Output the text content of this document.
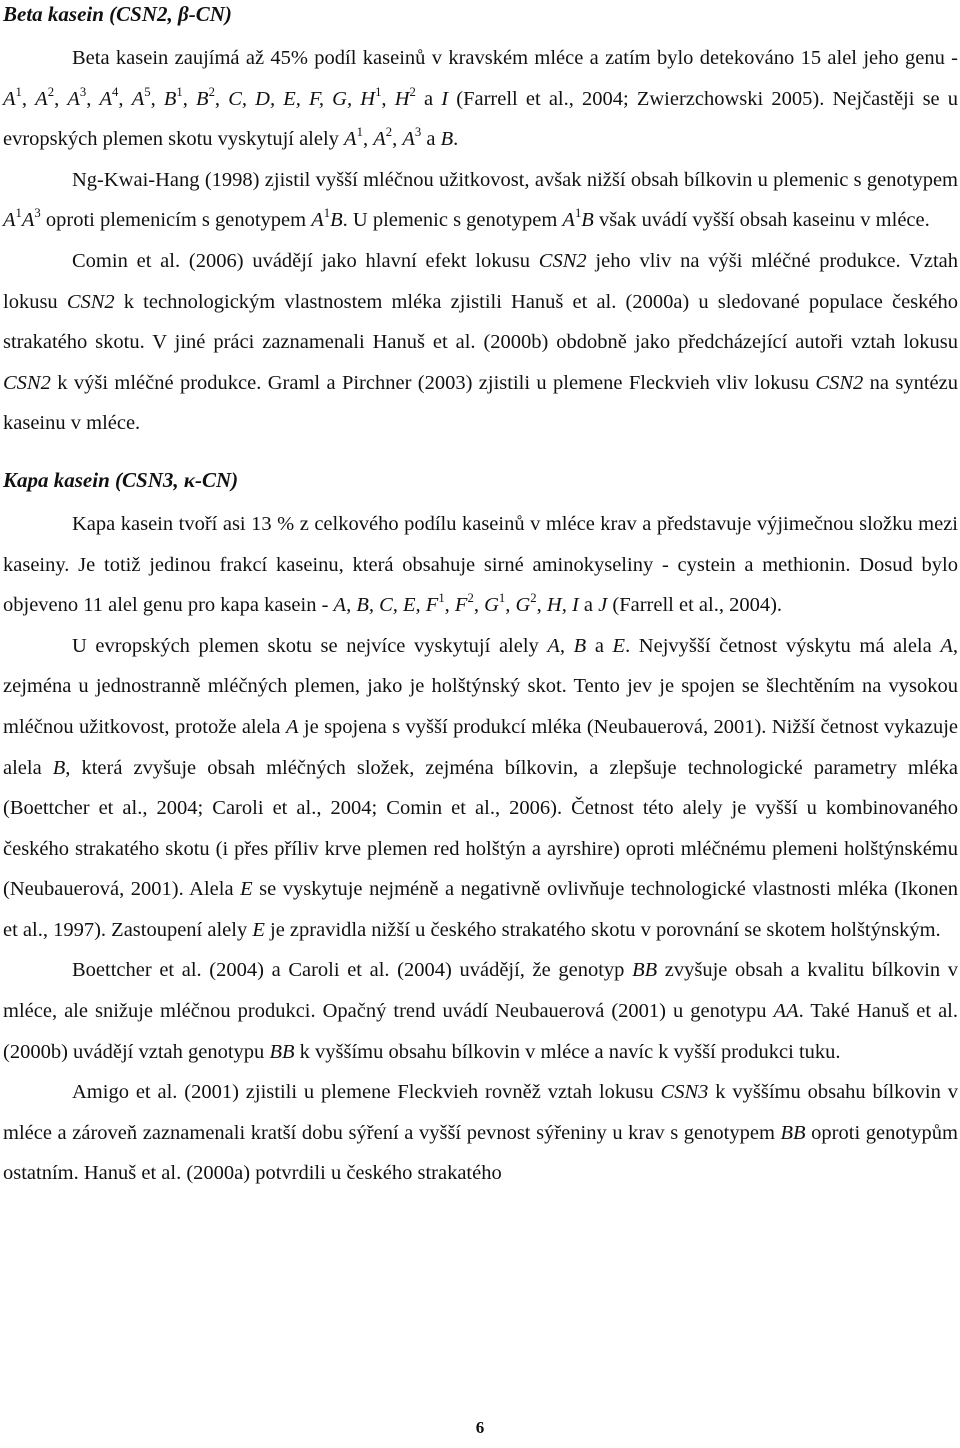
Beta kasein (CSN2, β-CN)

Beta kasein zaujímá až 45% podíl kaseinů v kravském mléce a zatím bylo detekováno 15 alel jeho genu - $A^1$, $A^2$, $A^3$, $A^4$, $A^5$, $B^1$, $B^2$, C, D, E, F, G, $H^1$, $H^2$ a I (Farrell et al., 2004; Zwierzchowski 2005). Nejčastěji se u evropských plemen skotu vyskytují alely $A^1$, $A^2$, $A^3$ a B.

Ng-Kwai-Hang (1998) zjistil vyšší mléčnou užitkovost, avšak nižší obsah bílkovin u plemenic s genotypem $A^1A^3$ oproti plemenicím s genotypem $A^1B$. U plemenic s genotypem $A^1B$ však uvádí vyšší obsah kaseinu v mléce.

Comin et al. (2006) uvádějí jako hlavní efekt lokusu CSN2 jeho vliv na výši mléčné produkce. Vztah lokusu CSN2 k technologickým vlastnostem mléka zjistili Hanuš et al. (2000a) u sledované populace českého strakatého skotu. V jiné práci zaznamenali Hanuš et al. (2000b) obdobně jako předcházející autoři vztah lokusu CSN2 k výši mléčné produkce. Graml a Pirchner (2003) zjistili u plemene Fleckvieh vliv lokusu CSN2 na syntézu kaseinu v mléce.

Kapa kasein (CSN3, κ-CN)

Kapa kasein tvoří asi 13 % z celkového podílu kaseinů v mléce krav a představuje výjimečnou složku mezi kaseiny. Je totiž jedinou frakcí kaseinu, která obsahuje sirné aminokyseliny - cystein a methionin. Dosud bylo objeveno 11 alel genu pro kapa kasein - A, B, C, E, $F^1$, $F^2$, $G^1$, $G^2$, H, I a J (Farrell et al., 2004).

U evropských plemen skotu se nejvíce vyskytují alely A, B a E. Nejvyšší četnost výskytu má alela A, zejména u jednostranně mléčných plemen, jako je holštýnský skot. Tento jev je spojen se šlechtěním na vysokou mléčnou užitkovost, protože alela A je spojena s vyšší produkcí mléka (Neubauerová, 2001). Nižší četnost vykazuje alela B, která zvyšuje obsah mléčných složek, zejména bílkovin, a zlepšuje technologické parametry mléka (Boettcher et al., 2004; Caroli et al., 2004; Comin et al., 2006). Četnost této alely je vyšší u kombinovaného českého strakatého skotu (i přes příliv krve plemen red holštýn a ayrshire) oproti mléčnému plemeni holštýnskému (Neubauerová, 2001). Alela E se vyskytuje nejméně a negativně ovlivňuje technologické vlastnosti mléka (Ikonen et al., 1997). Zastoupení alely E je zpravidla nižší u českého strakatého skotu v porovnání se skotem holštýnským.

Boettcher et al. (2004) a Caroli et al. (2004) uvádějí, že genotyp BB zvyšuje obsah a kvalitu bílkovin v mléce, ale snižuje mléčnou produkci. Opačný trend uvádí Neubauerová (2001) u genotypu AA. Také Hanuš et al. (2000b) uvádějí vztah genotypu BB k vyššímu obsahu bílkovin v mléce a navíc k vyšší produkci tuku.

Amigo et al. (2001) zjistili u plemene Fleckvieh rovněž vztah lokusu CSN3 k vyššímu obsahu bílkovin v mléce a zároveň zaznamenali kratší dobu sýření a vyšší pevnost sýřeniny u krav s genotypem BB oproti genotypům ostatním. Hanuš et al. (2000a) potvrdili u českého strakatého

6
